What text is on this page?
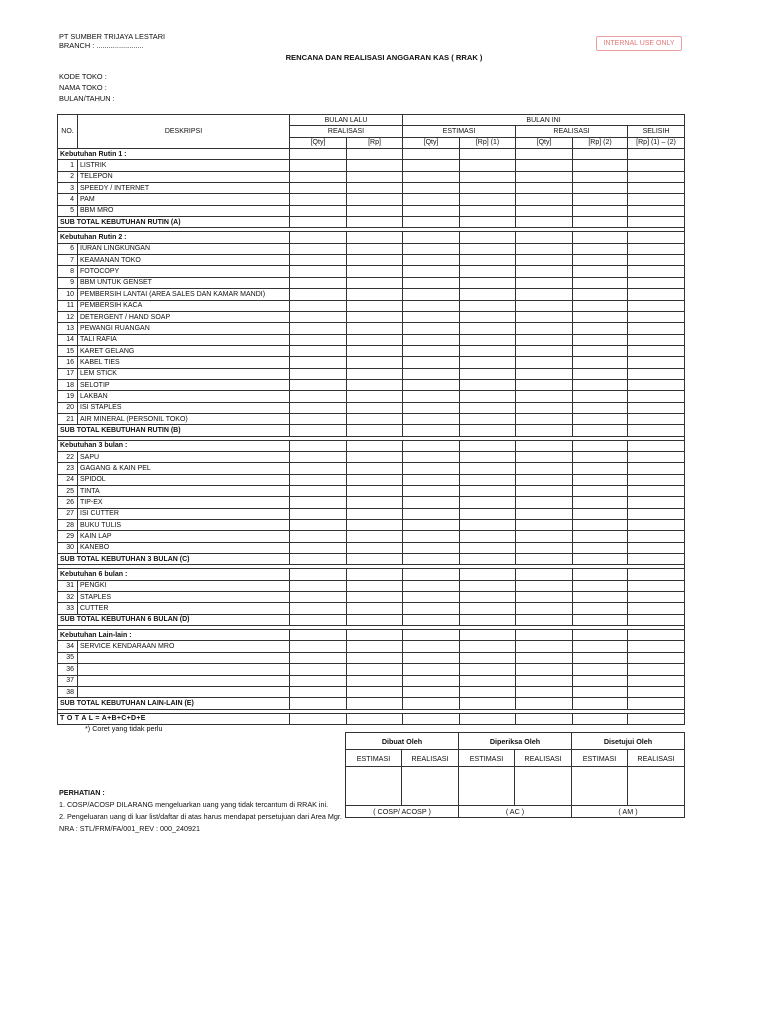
PT SUMBER TRIJAYA LESTARI
BRANCH : .......................	INTERNAL USE ONLY
RENCANA DAN REALISASI ANGGARAN KAS ( RRAK )
KODE TOKO :
NAMA TOKO :
BULAN/TAHUN :
NO.	DESKRIPSI	BULAN LALU		BULAN INI				
		REALISASI		ESTIMASI		REALISASI		SELISIH
		[Qty]	[Rp]	[Qty]	[Rp] (1)	[Qty]	[Rp] (2)	[Rp] (1) – (2)
Kebutuhan Rutin 1 :								
1	LISTRIK							
2	TELEPON							
3	SPEEDY / INTERNET							
4	PAM							
5	BBM MRO							
SUB TOTAL KEBUTUHAN RUTIN (A)								

Kebutuhan Rutin 2 :								
6	IURAN LINGKUNGAN							
7	KEAMANAN TOKO							
8	FOTOCOPY							
9	BBM UNTUK GENSET							
10	PEMBERSIH LANTAI (AREA SALES DAN KAMAR MANDI)							
11	PEMBERSIH KACA							
12	DETERGENT / HAND SOAP							
13	PEWANGI RUANGAN							
14	TALI RAFIA							
15	KARET GELANG							
16	KABEL TIES							
17	LEM STICK							
18	SELOTIP							
19	LAKBAN							
20	ISI STAPLES							
21	AIR MINERAL (PERSONIL TOKO)							
SUB TOTAL KEBUTUHAN RUTIN (B)								

Kebutuhan 3 bulan :								
22	SAPU							
23	GAGANG & KAIN PEL							
24	SPIDOL							
25	TINTA							
26	TIP-EX							
27	ISI CUTTER							
28	BUKU TULIS							
29	KAIN LAP							
30	KANEBO							
SUB TOTAL KEBUTUHAN 3 BULAN (C)								

Kebutuhan 6 bulan :								
31	PENGKI							
32	STAPLES							
33	CUTTER							
SUB TOTAL KEBUTUHAN 6 BULAN (D)								

Kebutuhan Lain-lain :								
34	SERVICE KENDARAAN MRO							
35								
36								
37								
38								
SUB TOTAL KEBUTUHAN LAIN-LAIN (E)								

T O T A L = A+B+C+D+E								
*) Coret yang tidak perlu
Dibuat Oleh		Diperiksa Oleh		Disetujui Oleh	
ESTIMASI	REALISASI	ESTIMASI	REALISASI	ESTIMASI	REALISASI

( COSP/ ACOSP )		( AC )		( AM )	
PERHATIAN :
1. COSP/ACOSP DILARANG mengeluarkan uang yang tidak tercantum di RRAK ini.
2. Pengeluaran uang di luar list/daftar di atas harus mendapat persetujuan dari Area Mgr.
NRA : STL/FRM/FA/001_REV : 000_240921
